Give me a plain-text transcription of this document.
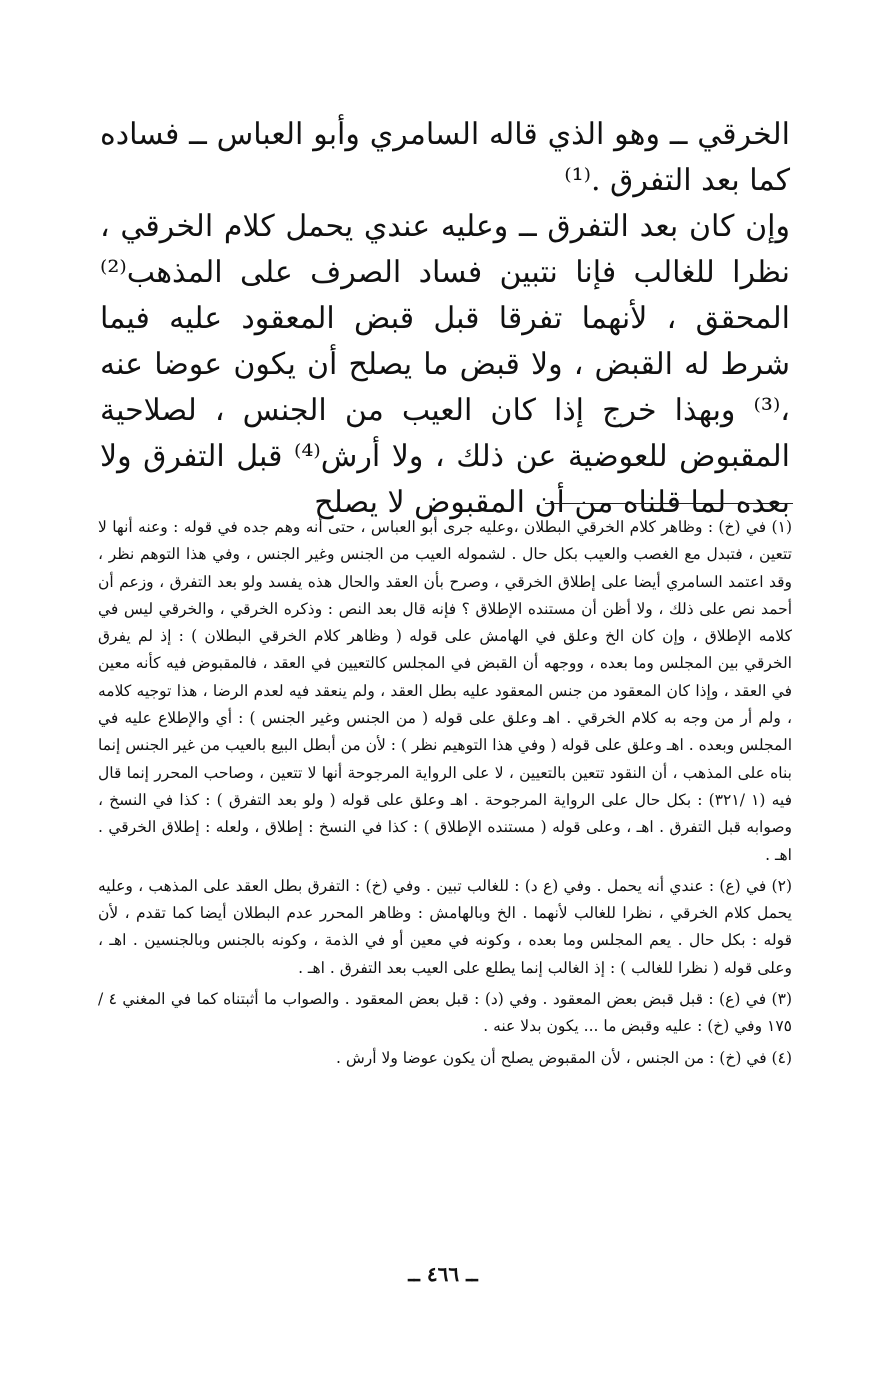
الخرقي ــ وهو الذي قاله السامري وأبو العباس ــ فساده كما بعد التفرق .⁽¹⁾

وإن كان بعد التفرق ــ وعليه عندي يحمل كلام الخرقي ، نظرا للغالب فإنا نتبين فساد الصرف على المذهب⁽²⁾ المحقق ، لأنهما تفرقا قبل قبض المعقود عليه فيما شرط له القبض ، ولا قبض ما يصلح أن يكون عوضا عنه ،⁽³⁾ وبهذا خرج إذا كان العيب من الجنس ، لصلاحية المقبوض للعوضية عن ذلك ، ولا أرش⁽⁴⁾ قبل التفرق ولا بعده لما قلناه من أن المقبوض لا يصلح

(١) في (خ) : وظاهر كلام الخرقي البطلان ،وعليه جرى أبو العباس ، حتى أنه وهم جده في قوله : وعنه أنها لا تتعين ، فتبدل مع الغصب والعيب بكل حال . لشموله العيب من الجنس وغير الجنس ، وفي هذا التوهم نظر ، وقد اعتمد السامري أيضا على إطلاق الخرقي ، وصرح بأن العقد والحال هذه يفسد ولو بعد التفرق ، وزعم أن أحمد نص على ذلك ، ولا أظن أن مستنده الإطلاق ؟ فإنه قال بعد النص : وذكره الخرقي ، والخرقي ليس في كلامه الإطلاق ، وإن كان الخ وعلق في الهامش على قوله ( وظاهر كلام الخرقي البطلان ) : إذ لم يفرق الخرقي بين المجلس وما بعده ، ووجهه أن القبض في المجلس كالتعيين في العقد ، فالمقبوض فيه كأنه معين في العقد ، وإذا كان المعقود من جنس المعقود عليه بطل العقد ، ولم ينعقد فيه لعدم الرضا ، هذا توجيه كلامه ، ولم أر من وجه به كلام الخرقي . اهـ وعلق على قوله ( من الجنس وغير الجنس ) : أي والإطلاع عليه في المجلس وبعده . اهـ وعلق على قوله ( وفي هذا التوهيم نظر ) : لأن من أبطل البيع بالعيب من غير الجنس إنما بناه على المذهب ، أن النقود تتعين بالتعيين ، لا على الرواية المرجوحة أنها لا تتعين ، وصاحب المحرر إنما قال فيه (١ /٣٢١) : بكل حال على الرواية المرجوحة . اهـ وعلق على قوله ( ولو بعد التفرق ) : كذا في النسخ ، وصوابه قبل التفرق . اهـ ، وعلى قوله ( مستنده الإطلاق ) : كذا في النسخ : إطلاق ، ولعله : إطلاق الخرقي . اهـ .

(٢) في (ع) : عندي أنه يحمل . وفي (ع د) : للغالب تبين . وفي (خ) : التفرق بطل العقد على المذهب ، وعليه يحمل كلام الخرقي ، نظرا للغالب لأنهما . الخ وبالهامش : وظاهر المحرر عدم البطلان أيضا كما تقدم ، لأن قوله : بكل حال . يعم المجلس وما بعده ، وكونه في معين أو في الذمة ، وكونه بالجنس وبالجنسين . اهـ ، وعلى قوله ( نظرا للغالب ) : إذ الغالب إنما يطلع على العيب بعد التفرق . اهـ .

(٣) في (ع) : قبل قبض بعض المعقود . وفي (د) : قبل بعض المعقود . والصواب ما أثبتناه كما في المغني ٤ /١٧٥ وفي (خ) : عليه وقبض ما ... يكون بدلا عنه .

(٤) في (خ) : من الجنس ، لأن المقبوض يصلح أن يكون عوضا ولا أرش .

ــ ٤٦٦ ــ
